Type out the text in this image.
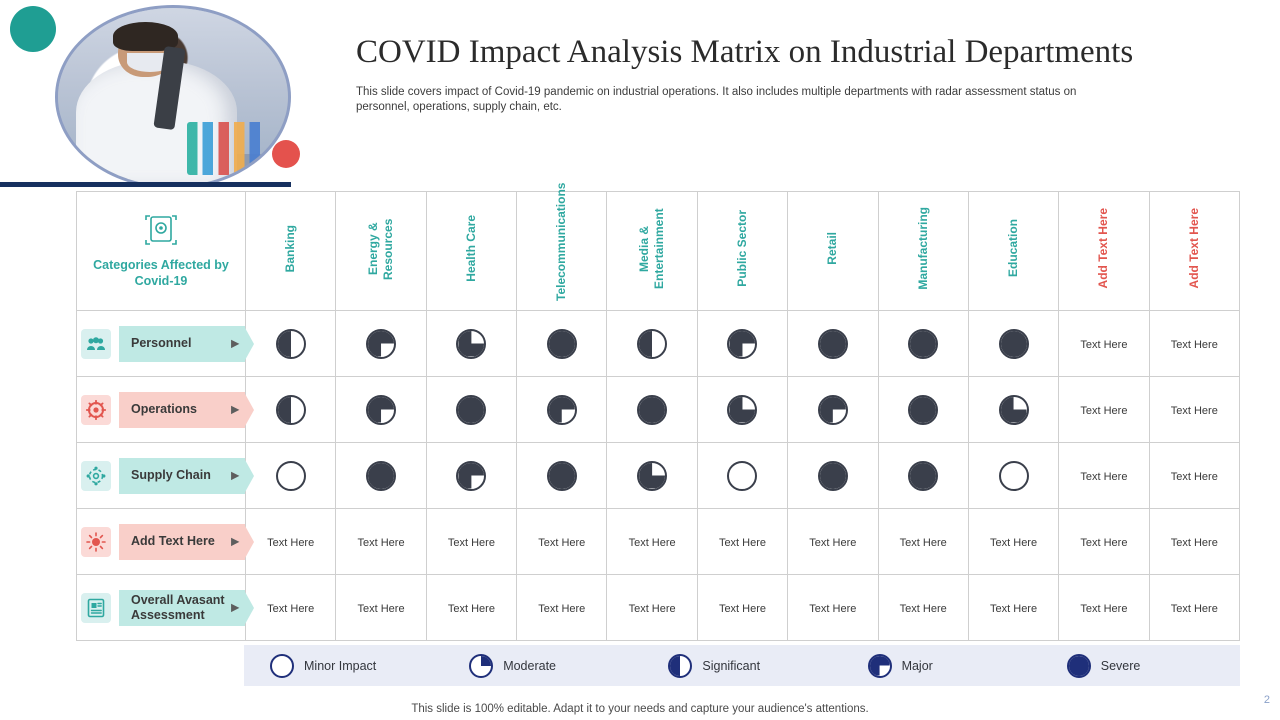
COVID Impact Analysis Matrix on Industrial Departments

This slide covers impact of Covid-19 pandemic on industrial operations. It also includes multiple departments with radar assessment status on personnel, operations, supply chain, etc.

Categories Affected by Covid-19	Banking	Energy & Resources	Health Care	Telecommunications	Media & Entertainment	Public Sector	Retail	Manufacturing	Education	Add Text Here	Add Text Here

Personnel ▶										Text Here	Text Here

Operations ▶										Text Here	Text Here

Supply Chain ▶										Text Here	Text Here

Add Text Here ▶	Text Here	Text Here	Text Here	Text Here	Text Here	Text Here	Text Here	Text Here	Text Here	Text Here	Text Here

Overall Avasant Assessment ▶	Text Here	Text Here	Text Here	Text Here	Text Here	Text Here	Text Here	Text Here	Text Here	Text Here	Text Here
Minor Impact	Moderate	Significant	Major	Severe
This slide is 100% editable. Adapt it to your needs and capture your audience's attentions.
2
